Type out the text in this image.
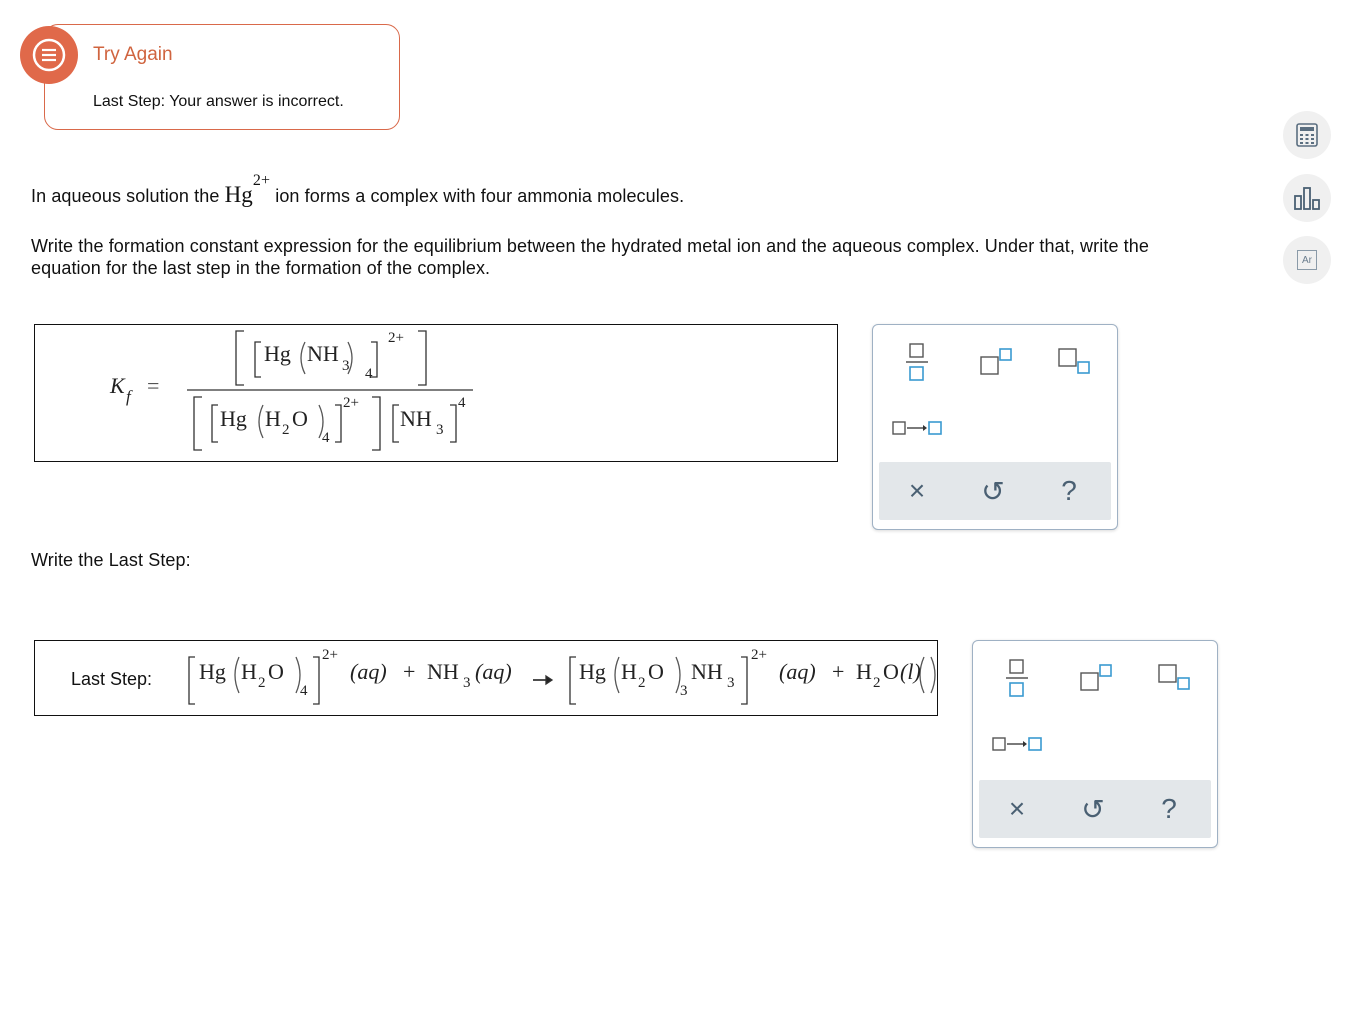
Try Again
Last Step: Your answer is incorrect.
Ar
In aqueous solution the Hg2+ ion forms a complex with four ammonia molecules.
Write the formation constant expression for the equilibrium between the hydrated metal ion and the aqueous complex. Under that, write the
equation for the last step in the formation of the complex.
K f =
Hg NH 3 4
2+
Hg H 2 O
4
2+
NH 3
4
× ↺ ?
Write the Last Step:
Last Step: Hg H 2 O
4
2+
(aq) + NH 3 (aq)	Hg H 2 O
3
NH 3
2+
(aq) + H 2 O (l)
× ↺ ?
